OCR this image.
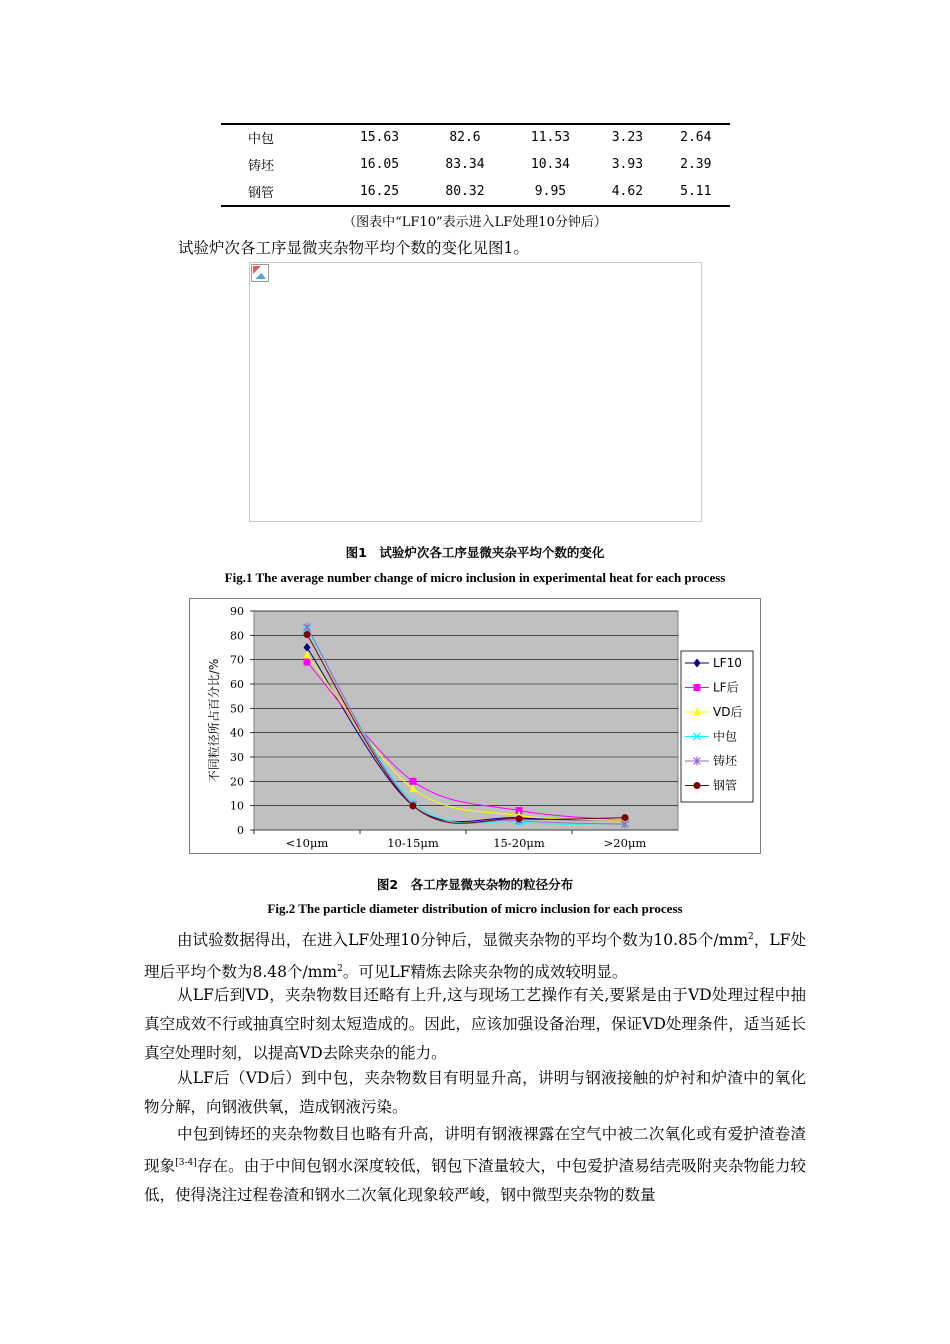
中包	15.63	82.6	11.53	3.23	2.64
铸坯	16.05	83.34	10.34	3.93	2.39
钢管	16.25	80.32	9.95	4.62	5.11
（图表中“LF10”表示进入LF处理10分钟后）
试验炉次各工序显微夹杂物平均个数的变化见图1。
图1　试验炉次各工序显微夹杂平均个数的变化
Fig.1 The average number change of micro inclusion in experimental heat for each process
0
10
20
30
40
50
60
70
80
90
<10μm	10-15μm	15-20μm	>20μm
不同粒径所占百分比/%	LF10
LF后
VD后
中包
铸坯
钢管
图2　各工序显微夹杂物的粒径分布
Fig.2 The particle diameter distribution of micro inclusion for each process
由试验数据得出，在进入LF处理10分钟后，显微夹杂物的平均个数为10.85个$/mm^2$，LF处理后平均个数为8.48个$/mm^2$。可见LF精炼去除夹杂物的成效较明显。
从LF后到VD，夹杂物数目还略有上升,这与现场工艺操作有关,要紧是由于VD处理过程中抽真空成效不行或抽真空时刻太短造成的。因此，应该加强设备治理，保证VD处理条件，适当延长真空处理时刻，以提高VD去除夹杂的能力。
从LF后（VD后）到中包，夹杂物数目有明显升高，讲明与钢液接触的炉衬和炉渣中的氧化物分解，向钢液供氧，造成钢液污染。
中包到铸坯的夹杂物数目也略有升高，讲明有钢液裸露在空气中被二次氧化或有爱护渣卷渣现象[3-4]存在。由于中间包钢水深度较低，钢包下渣量较大，中包爱护渣易结壳吸附夹杂物能力较低，使得浇注过程卷渣和钢水二次氧化现象较严峻，钢中微型夹杂物的数量
